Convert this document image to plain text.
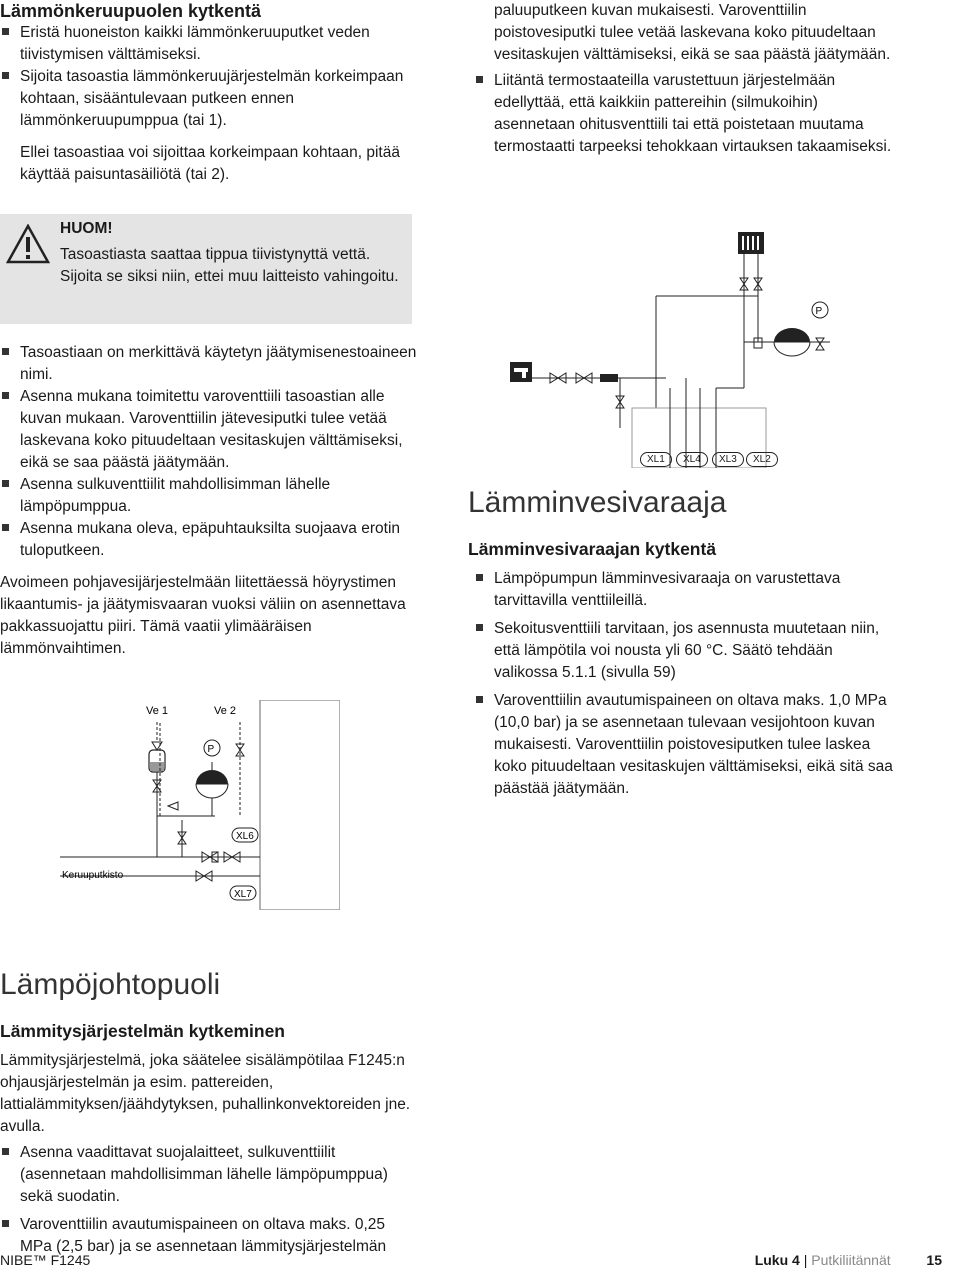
Lämmönkeruupuolen kytkentä
Eristä huoneiston kaikki lämmönkeruuputket veden tiivistymisen välttämiseksi.
Sijoita tasoastia lämmönkeruujärjestelmän korkeimpaan kohtaan, sisääntulevaan putkeen ennen lämmönkeruupumppua (tai 1).

Ellei tasoastiaa voi sijoittaa korkeimpaan kohtaan, pitää käyttää paisuntasäiliötä (tai 2).

HUOM!
Tasoastiasta saattaa tippua tiivistynyttä vettä. Sijoita se siksi niin, ettei muu laitteisto vahingoitu.
Tasoastiaan on merkittävä käytetyn jäätymisenestoaineen nimi.
Asenna mukana toimitettu varoventtiili tasoastian alle kuvan mukaan. Varoventtiilin jätevesiputki tulee vetää laskevana koko pituudeltaan vesitaskujen välttämiseksi, eikä se saa päästä jäätymään.
Asenna sulkuventtiilit mahdollisimman lähelle lämpöpumppua.
Asenna mukana oleva, epäpuhtauksilta suojaava erotin tuloputkeen.

Avoimeen pohjavesijärjestelmään liitettäessä höyrystimen likaantumis- ja jäätymisvaaran vuoksi väliin on asennettava pakkassuojattu piiri. Tämä vaatii ylimääräisen lämmönvaihtimen.

Ve 1	Ve 2
P
XL6
XL7
Keruuputkisto
Lämpöjohtopuoli
Lämmitysjärjestelmän kytkeminen

Lämmitysjärjestelmä, joka säätelee sisälämpötilaa F1245:n ohjausjärjestelmän ja esim. pattereiden, lattialämmityksen/jäähdytyksen, puhallinkonvektoreiden jne. avulla.

Asenna vaadittavat suojalaitteet, sulkuventtiilit (asennetaan mahdollisimman lähelle lämpöpumppua) sekä suodatin.
Varoventtiilin avautumispaineen on oltava maks. 0,25 MPa (2,5 bar) ja se asennetaan lämmitysjärjestelmän

paluuputkeen kuvan mukaisesti. Varoventtiilin poistovesiputki tulee vetää laskevana koko pituudeltaan vesitaskujen välttämiseksi, eikä se saa päästä jäätymään.

Liitäntä termostaateilla varustettuun järjestelmään edellyttää, että kaikkiin pattereihin (silmukoihin) asennetaan ohitusventtiili tai että poistetaan muutama termostaatti tarpeeksi tehokkaan virtauksen takaamiseksi.
P
XL1	XL4	XL3	XL2
Lämminvesivaraaja
Lämminvesivaraajan kytkentä
Lämpöpumpun lämminvesivaraaja on varustettava tarvittavilla venttiileillä.
Sekoitusventtiili tarvitaan, jos asennusta muutetaan niin, että lämpötila voi nousta yli 60 °C. Säätö tehdään valikossa 5.1.1 (sivulla 59)
Varoventtiilin avautumispaineen on oltava maks. 1,0 MPa (10,0 bar) ja se asennetaan tulevaan vesijohtoon kuvan mukaisesti. Varoventtiilin poistovesiputken tulee laskea koko pituudeltaan vesitaskujen välttämiseksi, eikä sitä saa päästää jäätymään.
NIBE™ F1245	Luku 4 | Putkiliitännät	15
